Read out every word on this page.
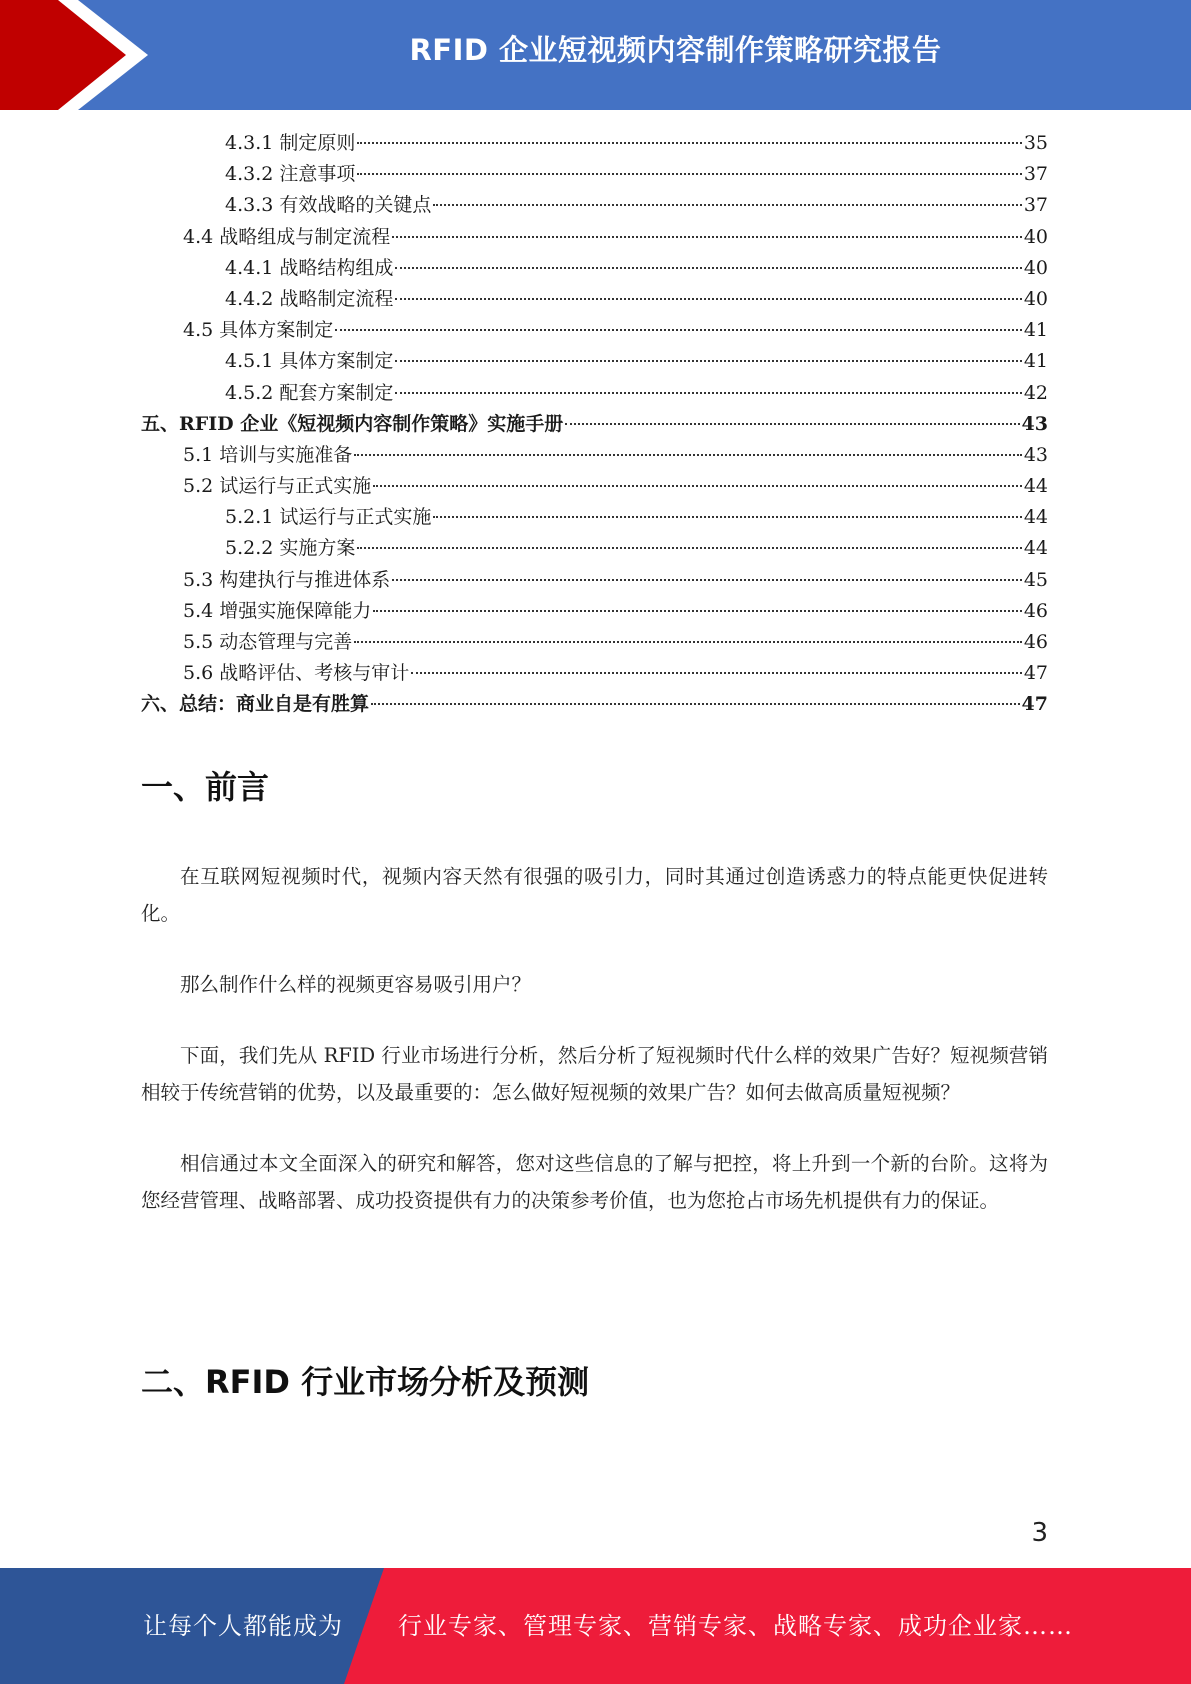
RFID 企业短视频内容制作策略研究报告
4.3.1 制定原则	35
4.3.2 注意事项	37
4.3.3 有效战略的关键点	37
4.4 战略组成与制定流程	40
4.4.1 战略结构组成	40
4.4.2 战略制定流程	40
4.5 具体方案制定	41
4.5.1 具体方案制定	41
4.5.2 配套方案制定	42
五、RFID 企业《短视频内容制作策略》实施手册	43
5.1 培训与实施准备	43
5.2 试运行与正式实施	44
5.2.1 试运行与正式实施	44
5.2.2 实施方案	44
5.3 构建执行与推进体系	45
5.4 增强实施保障能力	46
5.5 动态管理与完善	46
5.6 战略评估、考核与审计	47
六、总结：商业自是有胜算	47
一、前言

在互联网短视频时代，视频内容天然有很强的吸引力，同时其通过创造诱惑力的特点能更快促进转化。

那么制作什么样的视频更容易吸引用户？

下面，我们先从 RFID 行业市场进行分析，然后分析了短视频时代什么样的效果广告好？短视频营销相较于传统营销的优势，以及最重要的：怎么做好短视频的效果广告？如何去做高质量短视频？

相信通过本文全面深入的研究和解答，您对这些信息的了解与把控，将上升到一个新的台阶。这将为您经营管理、战略部署、成功投资提供有力的决策参考价值，也为您抢占市场先机提供有力的保证。

二、RFID 行业市场分析及预测
3
让每个人都能成为 行业专家、管理专家、营销专家、战略专家、成功企业家……
